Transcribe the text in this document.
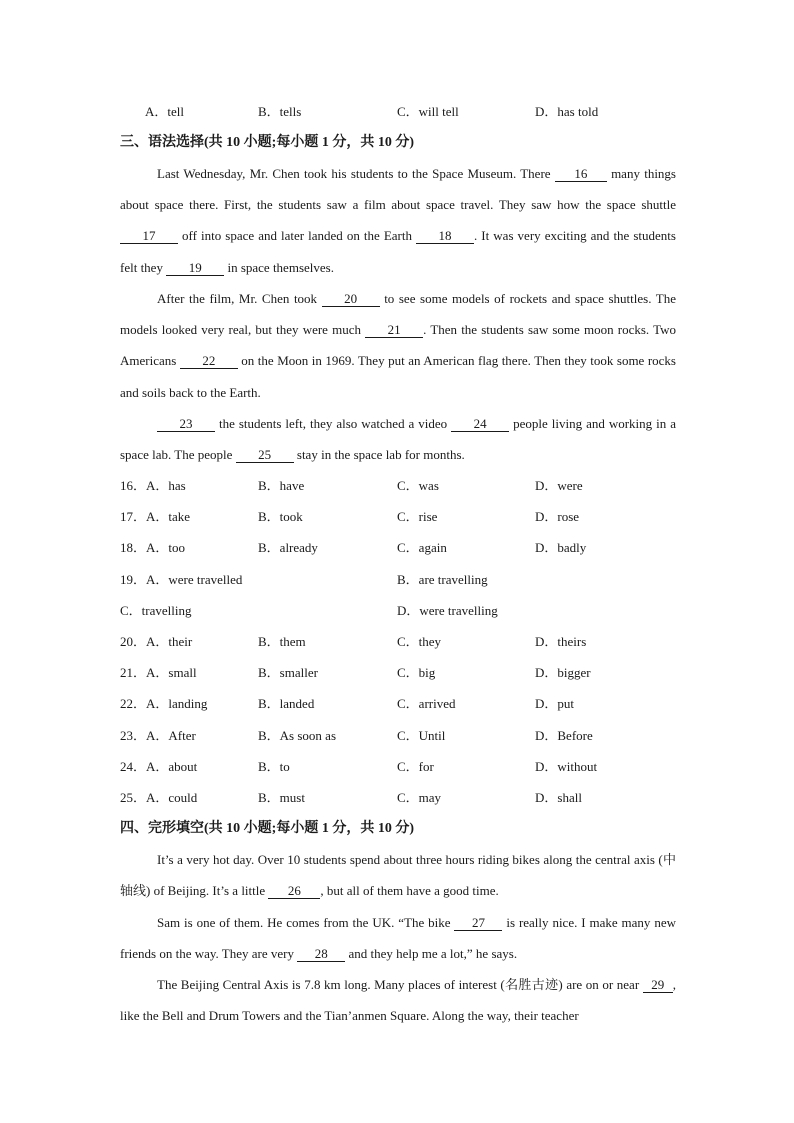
A．tell	B．tells	C．will tell	D．has told
三、语法选择(共 10 小题;每小题 1 分，共 10 分)
Last Wednesday, Mr. Chen took his students to the Space Museum. There 16 many things about space there. First, the students saw a film about space travel. They saw how the space shuttle 17 off into space and later landed on the Earth 18 . It was very exciting and the students felt they 19 in space themselves.
After the film, Mr. Chen took 20 to see some models of rockets and space shuttles. The models looked very real, but they were much 21 . Then the students saw some moon rocks. Two Americans 22 on the Moon in 1969. They put an American flag there. Then they took some rocks and soils back to the Earth.
23 the students left, they also watched a video 24 people living and working in a space lab. The people 25 stay in the space lab for months.
16．A．has	B．have	C．was	D．were
17．A．take	B．took	C．rise	D．rose
18．A．too	B．already	C．again	D．badly
19．A．were travelled	B．are travelling
C．travelling	D．were travelling
20．A．their	B．them	C．they	D．theirs
21．A．small	B．smaller	C．big	D．bigger
22．A．landing	B．landed	C．arrived	D．put
23．A．After	B．As soon as	C．Until	D．Before
24．A．about	B．to	C．for	D．without
25．A．could	B．must	C．may	D．shall
四、完形填空(共 10 小题;每小题 1 分，共 10 分)
It’s a very hot day. Over 10 students spend about three hours riding bikes along the central axis (中轴线) of Beijing. It’s a little 26 , but all of them have a good time.
Sam is one of them. He comes from the UK. “The bike 27 is really nice. I make many new friends on the way. They are very 28 and they help me a lot,” he says.
The Beijing Central Axis is 7.8 km long. Many places of interest (名胜古迹) are on or near 29 , like the Bell and Drum Towers and the Tian’anmen Square. Along the way, their teacher
